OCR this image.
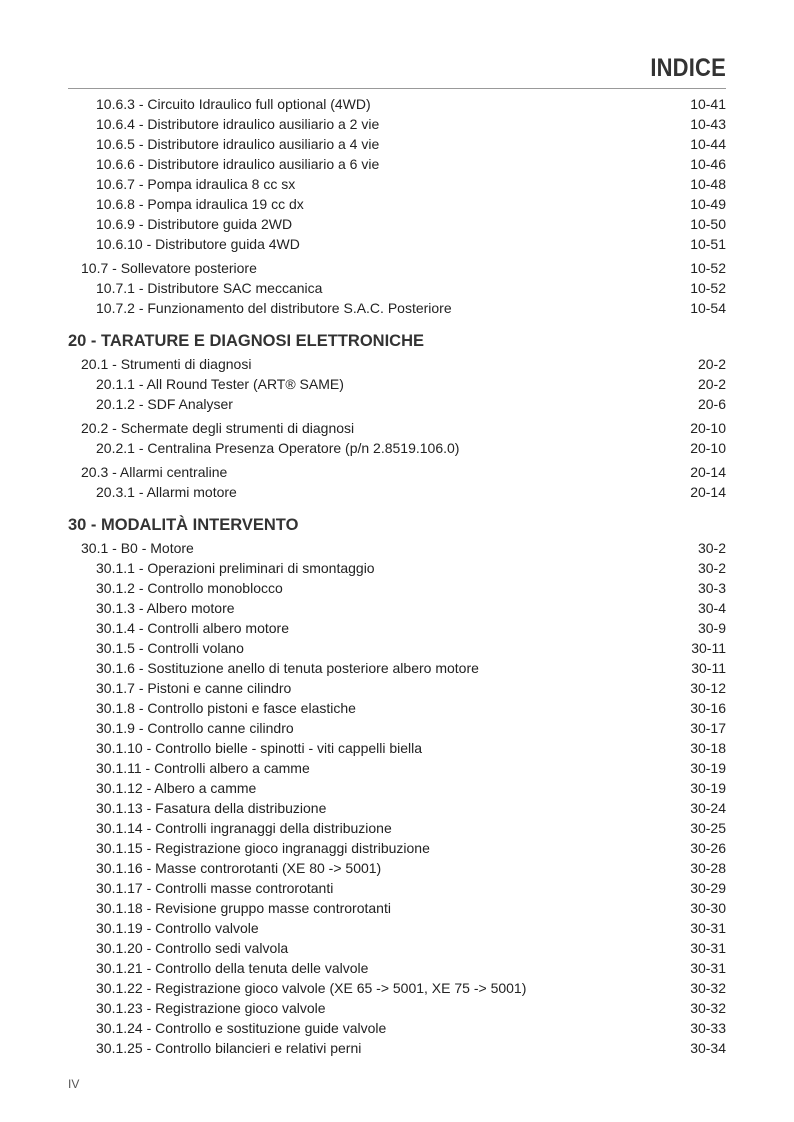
INDICE
10.6.3 - Circuito Idraulico full optional (4WD)	10-41
10.6.4 - Distributore idraulico ausiliario a 2 vie	10-43
10.6.5 - Distributore idraulico ausiliario a 4 vie	10-44
10.6.6 - Distributore idraulico ausiliario a 6 vie	10-46
10.6.7 - Pompa idraulica 8 cc sx	10-48
10.6.8 - Pompa idraulica 19 cc dx	10-49
10.6.9 - Distributore guida 2WD	10-50
10.6.10 - Distributore guida 4WD	10-51
10.7 - Sollevatore posteriore	10-52
10.7.1 - Distributore SAC meccanica	10-52
10.7.2 - Funzionamento del distributore S.A.C. Posteriore	10-54
20 - TARATURE E DIAGNOSI ELETTRONICHE
20.1 - Strumenti di diagnosi	20-2
20.1.1 - All Round Tester (ART® SAME)	20-2
20.1.2 - SDF Analyser	20-6
20.2 - Schermate degli strumenti di diagnosi	20-10
20.2.1 - Centralina Presenza Operatore (p/n 2.8519.106.0)	20-10
20.3 - Allarmi centraline	20-14
20.3.1 - Allarmi motore	20-14
30 - MODALITÀ INTERVENTO
30.1 - B0 - Motore	30-2
30.1.1 - Operazioni preliminari di smontaggio	30-2
30.1.2 - Controllo monoblocco	30-3
30.1.3 - Albero motore	30-4
30.1.4 - Controlli albero motore	30-9
30.1.5 - Controlli volano	30-11
30.1.6 - Sostituzione anello di tenuta posteriore albero motore	30-11
30.1.7 - Pistoni e canne cilindro	30-12
30.1.8 - Controllo pistoni e fasce elastiche	30-16
30.1.9 - Controllo canne cilindro	30-17
30.1.10 - Controllo bielle - spinotti - viti cappelli biella	30-18
30.1.11 - Controlli albero a camme	30-19
30.1.12 - Albero a camme	30-19
30.1.13 - Fasatura della distribuzione	30-24
30.1.14 - Controlli ingranaggi della distribuzione	30-25
30.1.15 - Registrazione gioco ingranaggi distribuzione	30-26
30.1.16 - Masse controrotanti (XE 80 -> 5001)	30-28
30.1.17 - Controlli masse controrotanti	30-29
30.1.18 - Revisione gruppo masse controrotanti	30-30
30.1.19 - Controllo valvole	30-31
30.1.20 - Controllo sedi valvola	30-31
30.1.21 - Controllo della tenuta delle valvole	30-31
30.1.22 - Registrazione gioco valvole (XE 65 -> 5001, XE 75 -> 5001)	30-32
30.1.23 - Registrazione gioco valvole	30-32
30.1.24 - Controllo e sostituzione guide valvole	30-33
30.1.25 - Controllo bilancieri e relativi perni	30-34
IV
